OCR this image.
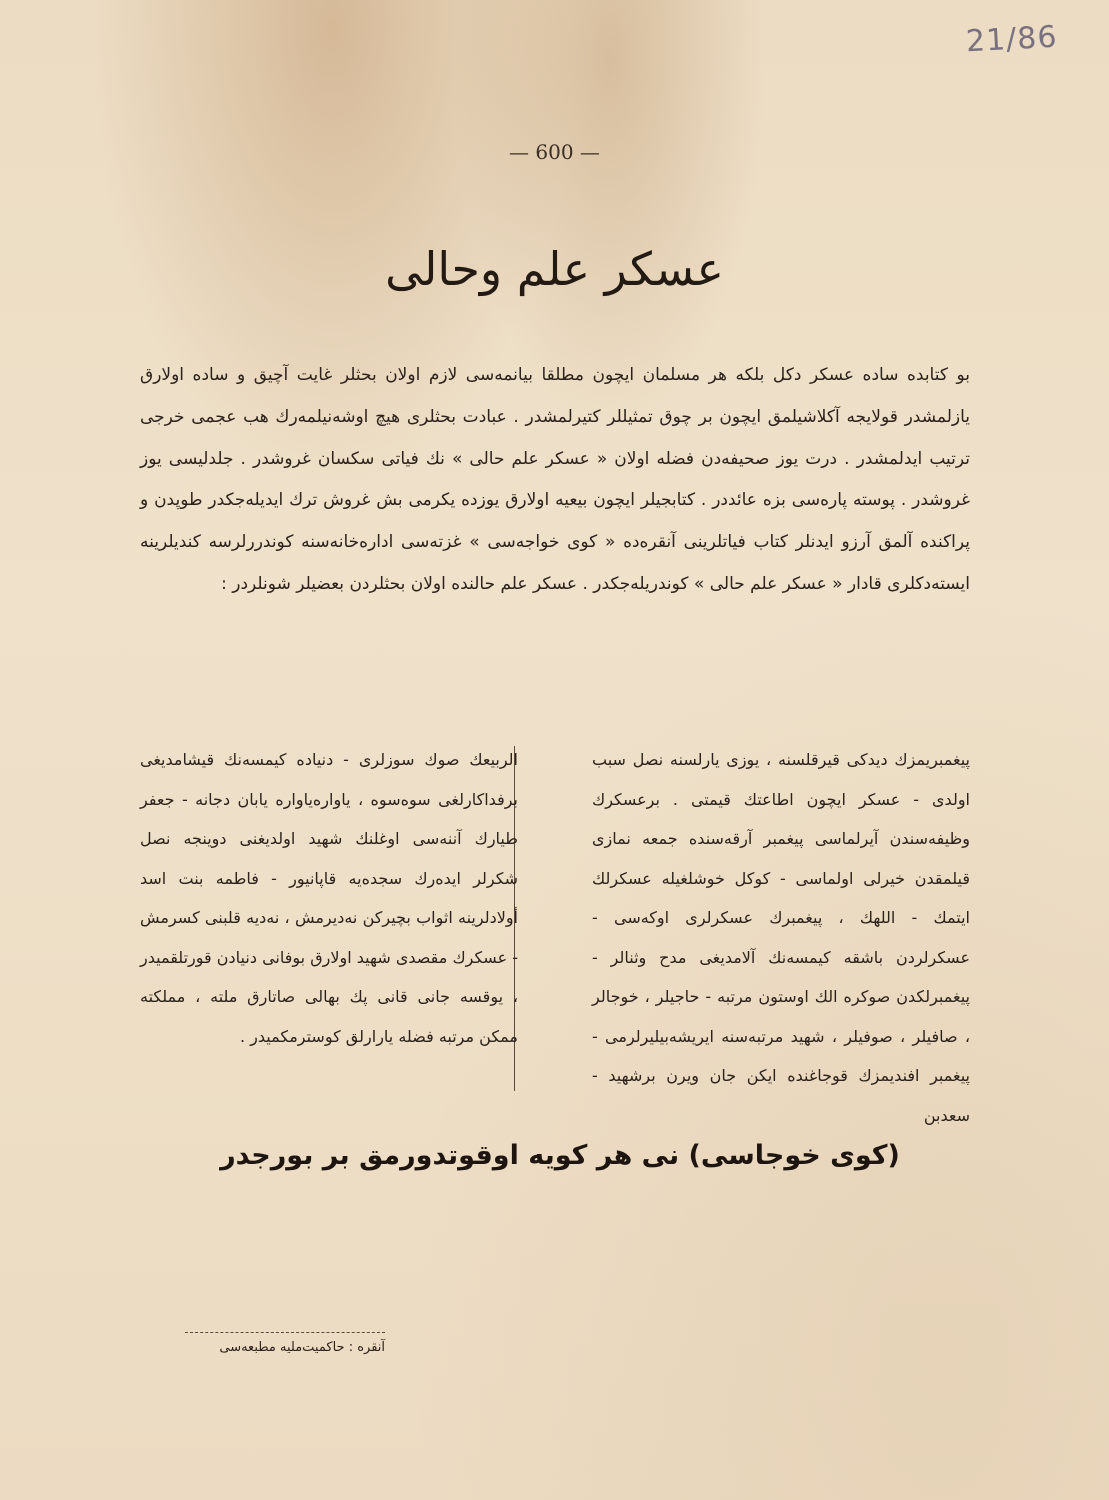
21/86
— 600 —
عسكر علم وحالى

بو كتابده ساده عسكر دكل بلكه هر مسلمان ايچون مطلقا بيانمه‌سى لازم اولان بحثلر غايت آچيق و ساده اولارق يازلمشدر قولايجه آكلاشيلمق ايچون بر چوق تمثيللر كتيرلمشدر . عبادت بحثلرى هيچ اوشه‌نيلمه‌رك هب عجمى خرجى ترتيب ايدلمشدر . درت يوز صحيفه‌دن فضله اولان « عسكر علم حالى » نك فياتى سكسان غروشدر . جلدليسى يوز غروشدر . پوسته پاره‌سى بزه عائددر . كتابجيلر ايچون بيعيه اولارق يوزده يكرمى بش غروش ترك ايديله‌جكدر طوپدن و پراكنده آلمق آرزو ايدنلر كتاب فياتلرينى آنقره‌ده « كوى خواجه‌سى » غزته‌سى اداره‌خانه‌سنه كوندررلرسه كنديلرينه ايسته‌دكلرى قادار « عسكر علم حالى » كوندريله‌جكدر . عسكر علم حالنده اولان بحثلردن بعضيلر شونلردر :

پيغمبريمزك ديدكى قيرقلسنه ، يوزى يارلسنه نصل سبب اولدى - عسكر ايچون اطاعتك قيمتى . برعسكرك وظيفه‌سندن آيرلماسى پيغمبر آرقه‌سنده جمعه نمازى قيلمقدن خيرلى اولماسى - كوكل خوشلغيله عسكرلك ايتمك - اللهك ، پيغمبرك عسكرلرى اوكه‌سى - عسكرلردن باشقه كيمسه‌نك آلامديغى مدح وثنالر - پيغمبرلكدن صوكره الك اوستون مرتبه - حاجيلر ، خوجالر ، صافيلر ، صوفيلر ، شهيد مرتبه‌سنه ايريشه‌بيليرلرمى - پيغمبر افنديمزك قوجاغنده ايكن جان ويرن برشهيد - سعدبن
الربيعك صوك سوزلرى - دنياده كيمسه‌نك قيشامديغى برفداكارلغى سوه‌سوه ، ياواره‌ياواره يابان دجانه - جعفر طيارك آننه‌سى اوغلنك شهيد اولديغنى دوينجه نصل شكرلر ايده‌رك سجده‌يه قاپانيور - فاطمه بنت اسد أولادلرينه اثواب بچيركن نه‌ديرمش ، نه‌ديه قلبنى كسرمش - عسكرك مقصدى شهيد اولارق بوفانى دنيادن قورتلقميدر ، يوقسه جانى قانى پك بهالى صاتارق ملته ، مملكته ممكن مرتبه فضله يارارلق كوسترمكميدر .
(كوى خوجاسى) نى هر كويه اوقوتدورمق بر بورجدر
آنقره : حاكميت‌مليه مطبعه‌سى
